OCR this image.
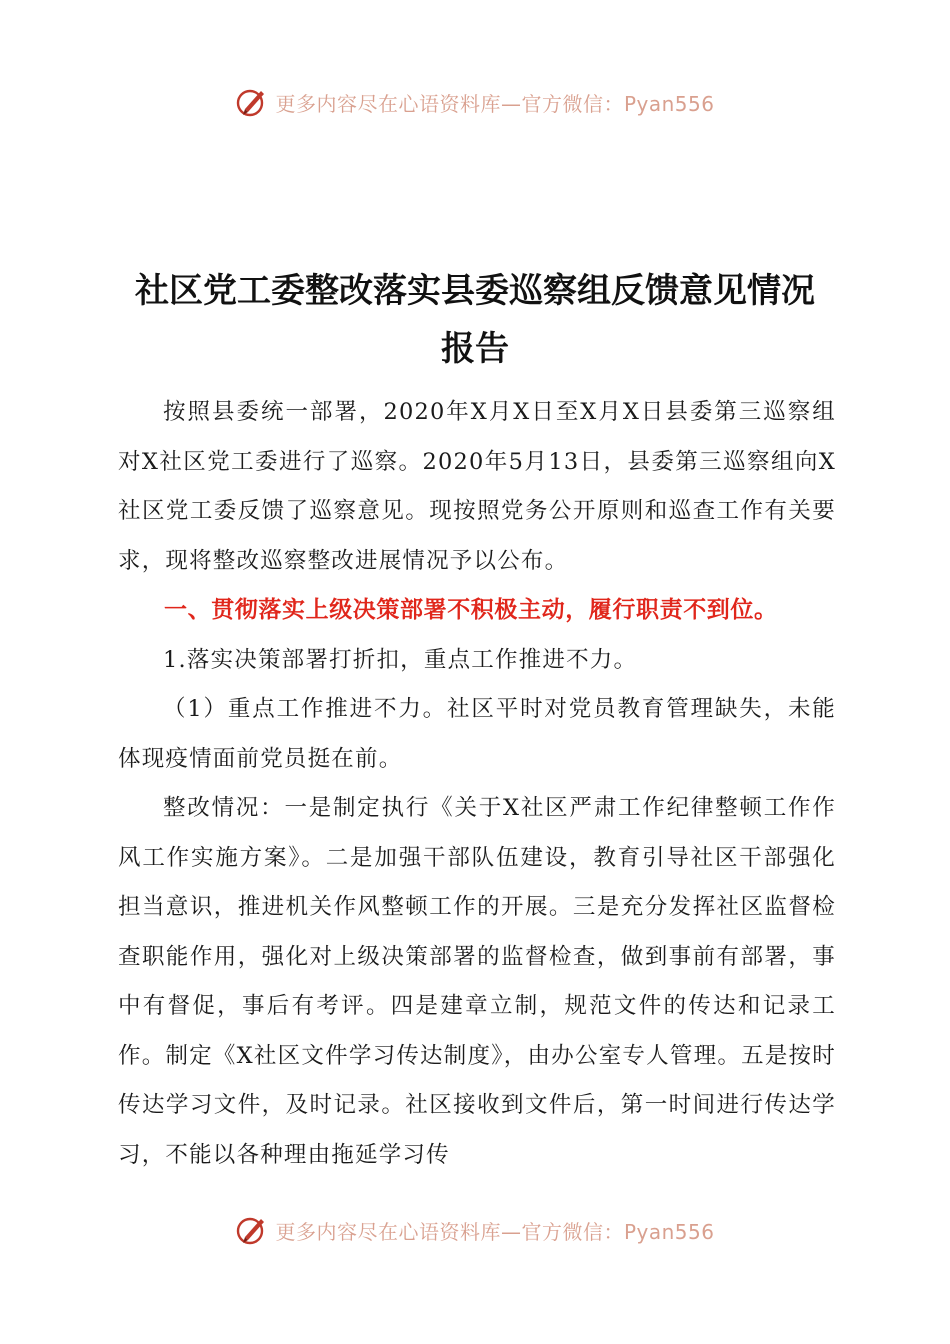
更多内容尽在心语资料库— 官方微信：Pyan556
社区党工委整改落实县委巡察组反馈意见情况
报告

按照县委统一部署，2020年X月X日至X月X日县委第三巡察组对X社区党工委进行了巡察。2020年5月13日，县委第三巡察组向X社区党工委反馈了巡察意见。现按照党务公开原则和巡查工作有关要求，现将整改巡察整改进展情况予以公布。

一、贯彻落实上级决策部署不积极主动，履行职责不到位。

1.落实决策部署打折扣，重点工作推进不力。

（1）重点工作推进不力。社区平时对党员教育管理缺失，未能体现疫情面前党员挺在前。

整改情况：一是制定执行《关于X社区严肃工作纪律整顿工作作风工作实施方案》。二是加强干部队伍建设，教育引导社区干部强化担当意识，推进机关作风整顿工作的开展。三是充分发挥社区监督检查职能作用，强化对上级决策部署的监督检查，做到事前有部署，事中有督促，事后有考评。四是建章立制，规范文件的传达和记录工作。制定《X社区文件学习传达制度》，由办公室专人管理。五是按时传达学习文件，及时记录。社区接收到文件后，第一时间进行传达学习，不能以各种理由拖延学习传

更多内容尽在心语资料库— 官方微信：Pyan556
